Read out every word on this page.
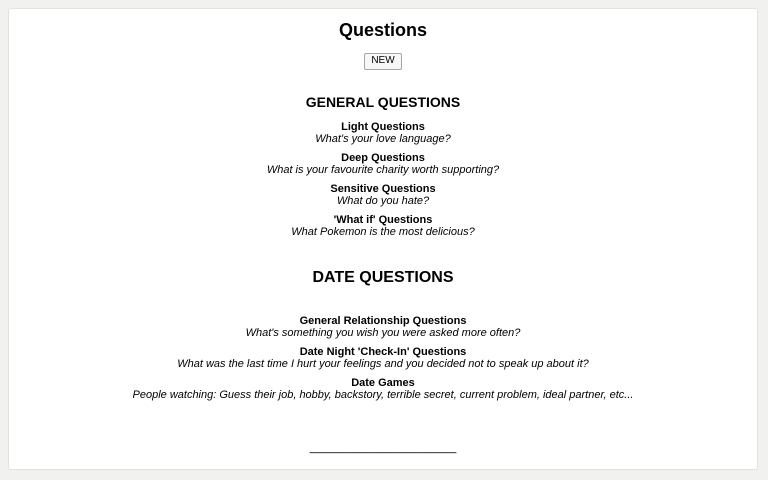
Questions
NEW
GENERAL QUESTIONS
Light Questions
What's your love language?
Deep Questions
What is your favourite charity worth supporting?
Sensitive Questions
What do you hate?
'What if' Questions
What Pokemon is the most delicious?
DATE QUESTIONS
General Relationship Questions
What's something you wish you were asked more often?
Date Night 'Check-In' Questions
What was the last time I hurt your feelings and you decided not to speak up about it?
Date Games
People watching: Guess their job, hobby, backstory, terrible secret, current problem, ideal partner, etc...
________________________
